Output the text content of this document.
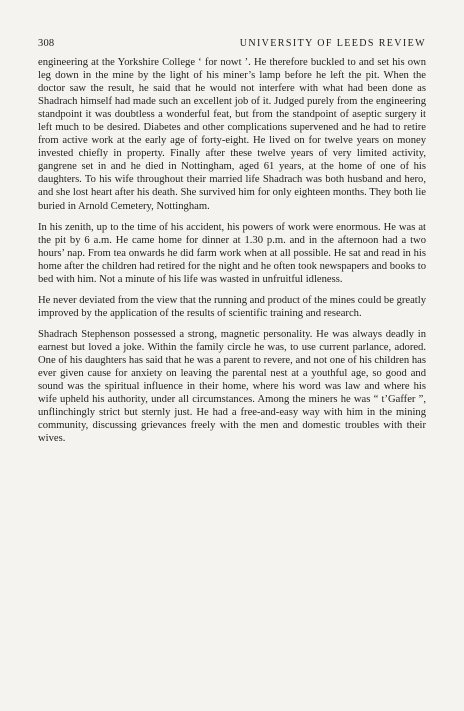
308	UNIVERSITY OF LEEDS REVIEW

engineering at the Yorkshire College ‘ for nowt ’. He therefore buckled to and set his own leg down in the mine by the light of his miner’s lamp before he left the pit. When the doctor saw the result, he said that he would not interfere with what had been done as Shadrach himself had made such an excellent job of it. Judged purely from the engineering standpoint it was doubtless a wonderful feat, but from the standpoint of aseptic surgery it left much to be desired. Diabetes and other complications supervened and he had to retire from active work at the early age of forty-eight. He lived on for twelve years on money invested chiefly in property. Finally after these twelve years of very limited activity, gangrene set in and he died in Nottingham, aged 61 years, at the home of one of his daughters. To his wife throughout their married life Shadrach was both husband and hero, and she lost heart after his death. She survived him for only eighteen months. They both lie buried in Arnold Cemetery, Nottingham.

In his zenith, up to the time of his accident, his powers of work were enormous. He was at the pit by 6 a.m. He came home for dinner at 1.30 p.m. and in the afternoon had a two hours’ nap. From tea onwards he did farm work when at all possible. He sat and read in his home after the children had retired for the night and he often took newspapers and books to bed with him. Not a minute of his life was wasted in unfruitful idleness.

He never deviated from the view that the running and product of the mines could be greatly improved by the application of the results of scientific training and research.

Shadrach Stephenson possessed a strong, magnetic personality. He was always deadly in earnest but loved a joke. Within the family circle he was, to use current parlance, adored. One of his daughters has said that he was a parent to revere, and not one of his children has ever given cause for anxiety on leaving the parental nest at a youthful age, so good and sound was the spiritual influence in their home, where his word was law and where his wife upheld his authority, under all circumstances. Among the miners he was “ t’Gaffer ”, unflinchingly strict but sternly just. He had a free-and-easy way with him in the mining community, discussing grievances freely with the men and domestic troubles with their wives.
